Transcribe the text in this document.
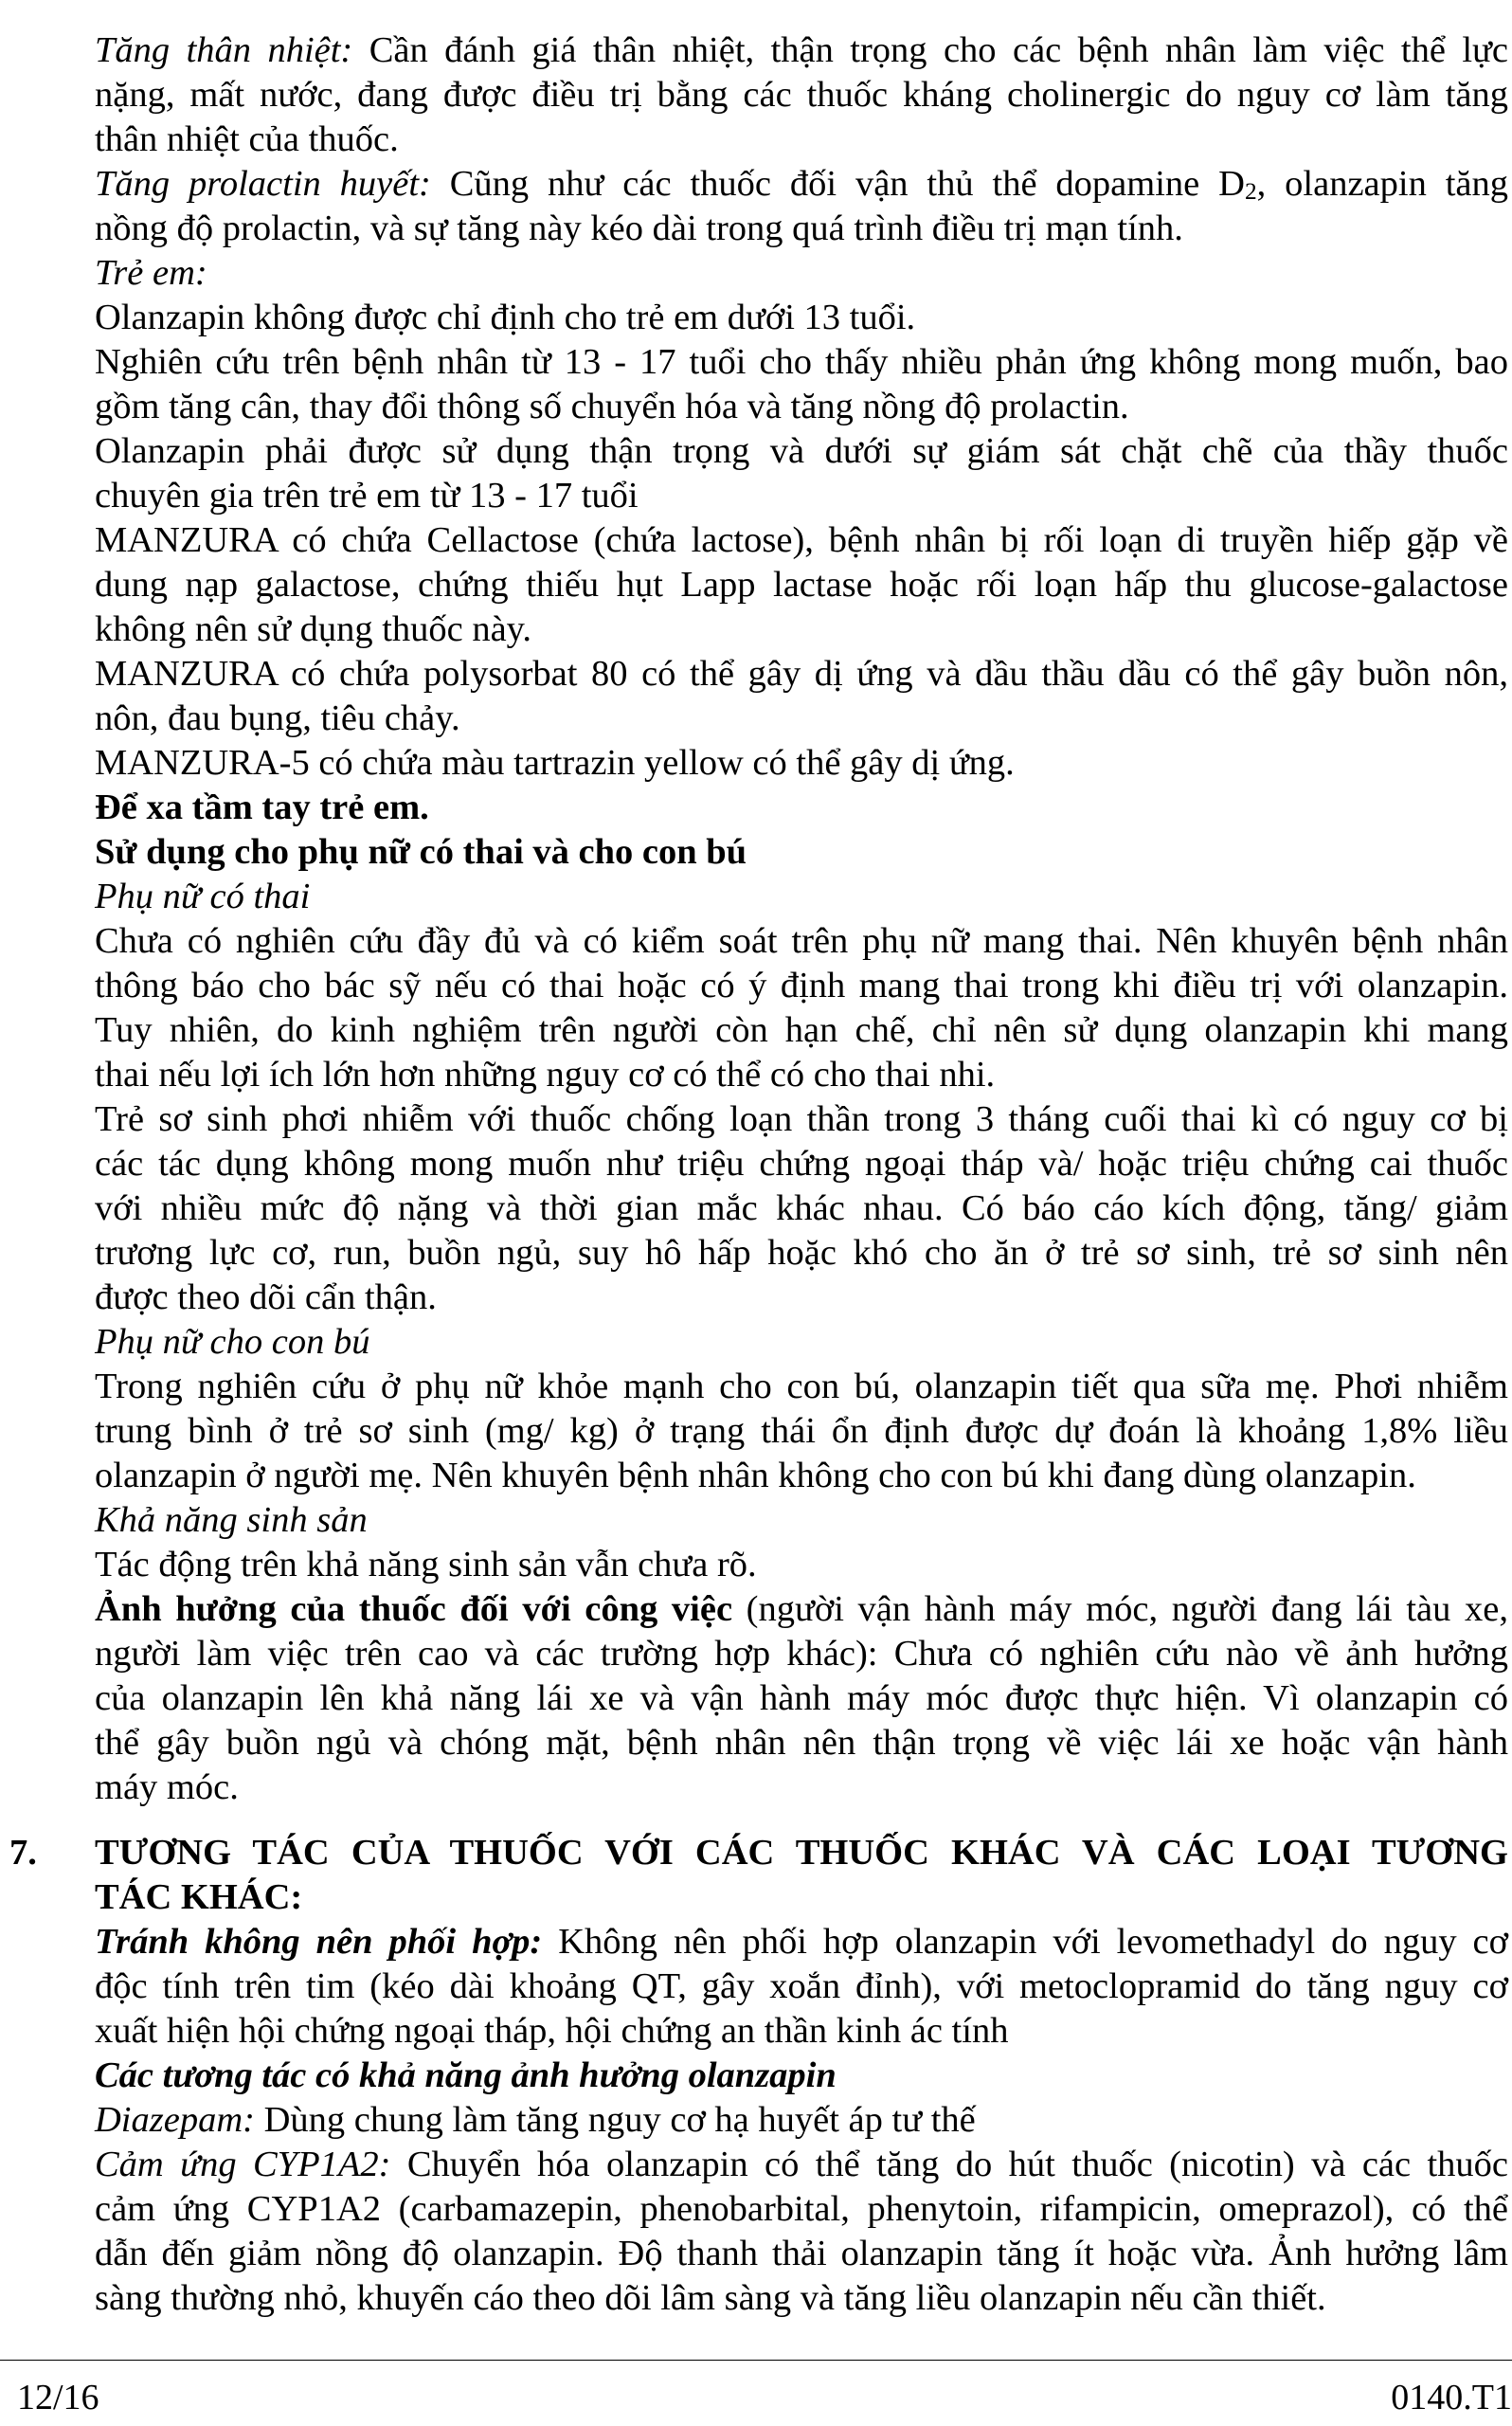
Tăng thân nhiệt: Cần đánh giá thân nhiệt, thận trọng cho các bệnh nhân làm việc thể lực
nặng, mất nước, đang được điều trị bằng các thuốc kháng cholinergic do nguy cơ làm tăng
thân nhiệt của thuốc.

Tăng prolactin huyết: Cũng như các thuốc đối vận thủ thể dopamine $D_2$, olanzapin tăng
nồng độ prolactin, và sự tăng này kéo dài trong quá trình điều trị mạn tính.

Trẻ em:

Olanzapin không được chỉ định cho trẻ em dưới 13 tuổi.

Nghiên cứu trên bệnh nhân từ 13 - 17 tuổi cho thấy nhiều phản ứng không mong muốn, bao
gồm tăng cân, thay đổi thông số chuyển hóa và tăng nồng độ prolactin.

Olanzapin phải được sử dụng thận trọng và dưới sự giám sát chặt chẽ của thầy thuốc
chuyên gia trên trẻ em từ 13 - 17 tuổi

MANZURA có chứa Cellactose (chứa lactose), bệnh nhân bị rối loạn di truyền hiếp gặp về
dung nạp galactose, chứng thiếu hụt Lapp lactase hoặc rối loạn hấp thu glucose-galactose
không nên sử dụng thuốc này.

MANZURA có chứa polysorbat 80 có thể gây dị ứng và dầu thầu dầu có thể gây buồn nôn,
nôn, đau bụng, tiêu chảy.

MANZURA-5 có chứa màu tartrazin yellow có thể gây dị ứng.

Để xa tầm tay trẻ em.

Sử dụng cho phụ nữ có thai và cho con bú

Phụ nữ có thai

Chưa có nghiên cứu đầy đủ và có kiểm soát trên phụ nữ mang thai. Nên khuyên bệnh nhân
thông báo cho bác sỹ nếu có thai hoặc có ý định mang thai trong khi điều trị với olanzapin.
Tuy nhiên, do kinh nghiệm trên người còn hạn chế, chỉ nên sử dụng olanzapin khi mang
thai nếu lợi ích lớn hơn những nguy cơ có thể có cho thai nhi.

Trẻ sơ sinh phơi nhiễm với thuốc chống loạn thần trong 3 tháng cuối thai kì có nguy cơ bị
các tác dụng không mong muốn như triệu chứng ngoại tháp và/ hoặc triệu chứng cai thuốc
với nhiều mức độ nặng và thời gian mắc khác nhau. Có báo cáo kích động, tăng/ giảm
trương lực cơ, run, buồn ngủ, suy hô hấp hoặc khó cho ăn ở trẻ sơ sinh, trẻ sơ sinh nên
được theo dõi cẩn thận.

Phụ nữ cho con bú

Trong nghiên cứu ở phụ nữ khỏe mạnh cho con bú, olanzapin tiết qua sữa mẹ. Phơi nhiễm
trung bình ở trẻ sơ sinh (mg/ kg) ở trạng thái ổn định được dự đoán là khoảng 1,8% liều
olanzapin ở người mẹ. Nên khuyên bệnh nhân không cho con bú khi đang dùng olanzapin.

Khả năng sinh sản

Tác động trên khả năng sinh sản vẫn chưa rõ.

Ảnh hưởng của thuốc đối với công việc (người vận hành máy móc, người đang lái tàu xe,
người làm việc trên cao và các trường hợp khác): Chưa có nghiên cứu nào về ảnh hưởng
của olanzapin lên khả năng lái xe và vận hành máy móc được thực hiện. Vì olanzapin có
thể gây buồn ngủ và chóng mặt, bệnh nhân nên thận trọng về việc lái xe hoặc vận hành
máy móc.

7. TƯƠNG TÁC CỦA THUỐC VỚI CÁC THUỐC KHÁC VÀ CÁC LOẠI TƯƠNG
TÁC KHÁC:

Tránh không nên phối hợp: Không nên phối hợp olanzapin với levomethadyl do nguy cơ
độc tính trên tim (kéo dài khoảng QT, gây xoắn đỉnh), với metoclopramid do tăng nguy cơ
xuất hiện hội chứng ngoại tháp, hội chứng an thần kinh ác tính

Các tương tác có khả năng ảnh hưởng olanzapin

Diazepam: Dùng chung làm tăng nguy cơ hạ huyết áp tư thế

Cảm ứng CYP1A2: Chuyển hóa olanzapin có thể tăng do hút thuốc (nicotin) và các thuốc
cảm ứng CYP1A2 (carbamazepin, phenobarbital, phenytoin, rifampicin, omeprazol), có thể
dẫn đến giảm nồng độ olanzapin. Độ thanh thải olanzapin tăng ít hoặc vừa. Ảnh hưởng lâm
sàng thường nhỏ, khuyến cáo theo dõi lâm sàng và tăng liều olanzapin nếu cần thiết.

12/16	0140.T1
